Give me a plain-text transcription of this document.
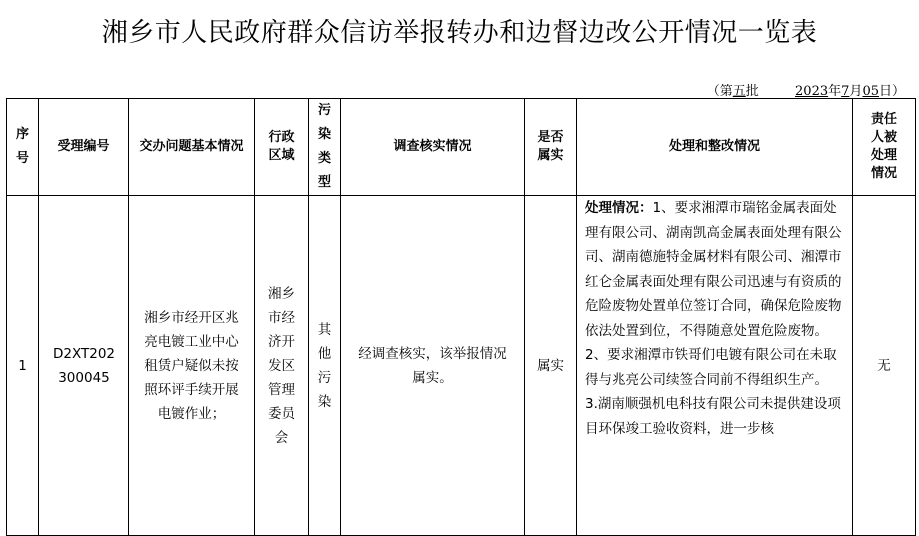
湘乡市人民政府群众信访举报转办和边督边改公开情况一览表
（第五批	2023年7月05日）
序号	受理编号	交办问题基本情况	行政区域	污染类型	调查核实情况	是否属实	处理和整改情况	责任人被处理情况
1	D2XT202300045	湘乡市经开区兆亮电镀工业中心租赁户疑似未按照环评手续开展电镀作业；	湘乡市经济开发区管理委员会	其他污染	经调查核实，该举报情况属实。	属实	处理情况：1、要求湘潭市瑞铭金属表面处理有限公司、湖南凯高金属表面处理有限公司、湖南德施特金属材料有限公司、湘潭市红仑金属表面处理有限公司迅速与有资质的危险废物处置单位签订合同，确保危险废物依法处置到位，不得随意处置危险废物。

2、要求湘潭市铁哥们电镀有限公司在未取得与兆亮公司续签合同前不得组织生产。

3.湖南顺强机电科技有限公司未提供建设项目环保竣工验收资料，进一步核	无
